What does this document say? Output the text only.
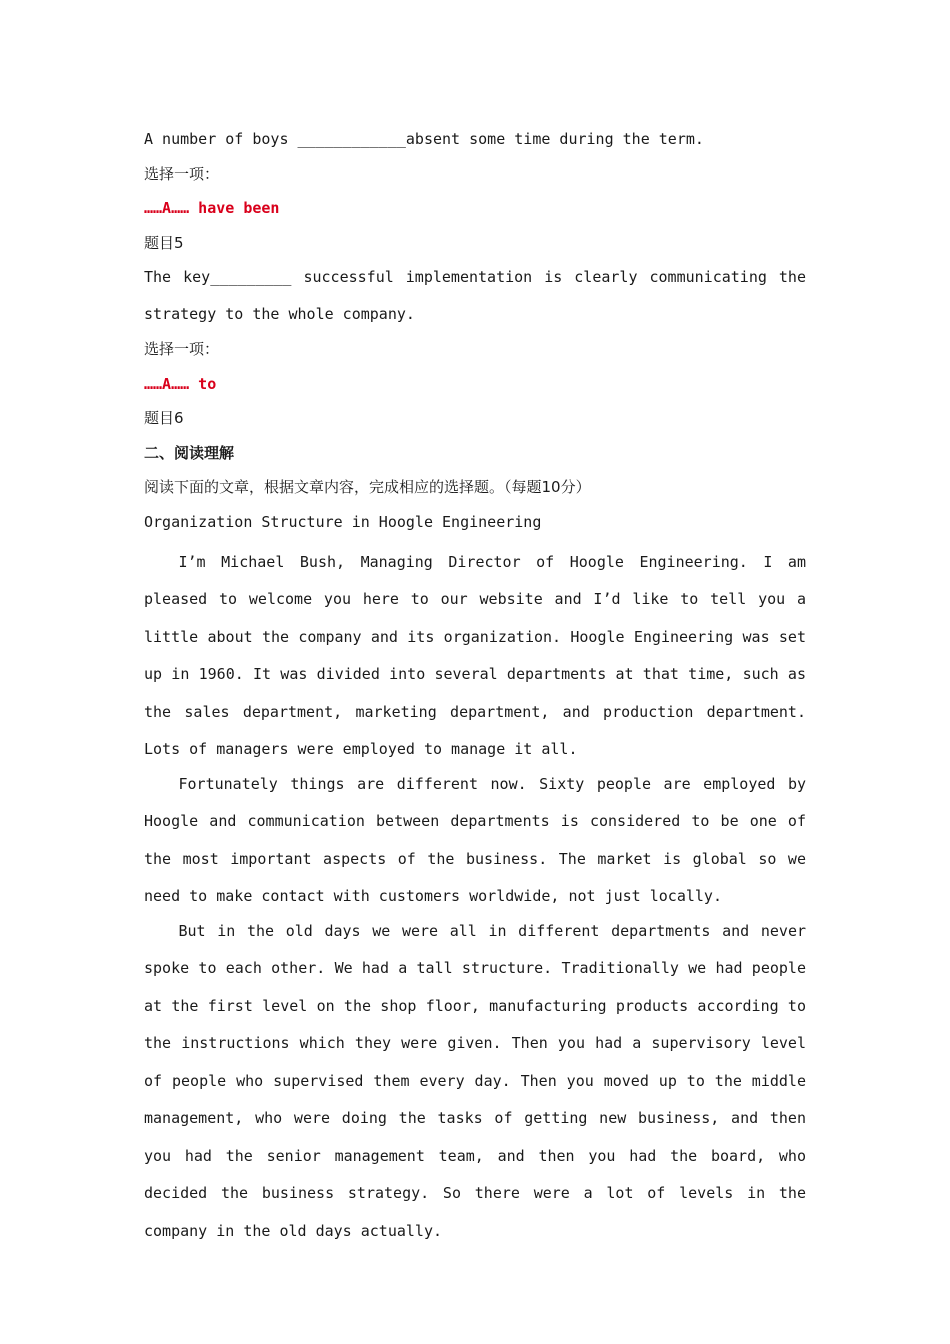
A number of boys ____________absent some time during the term.
选择一项：
……A…… have been
题目5
The key_________ successful implementation is clearly communicating the
strategy to the whole company.
选择一项：
……A…… to
题目6
二、阅读理解
阅读下面的文章，根据文章内容，完成相应的选择题。（每题10分）
Organization Structure in Hoogle Engineering

I’m Michael Bush, Managing Director of Hoogle Engineering. I am pleased to welcome you here to our website and I’d like to tell you a little about the company and its organization. Hoogle Engineering was set up in 1960. It was divided into several departments at that time, such as the sales department, marketing department, and production department. Lots of managers were employed to manage it all.

Fortunately things are different now. Sixty people are employed by Hoogle and communication between departments is considered to be one of the most important aspects of the business. The market is global so we need to make contact with customers worldwide, not just locally.

But in the old days we were all in different departments and never spoke to each other. We had a tall structure. Traditionally we had people at the first level on the shop floor, manufacturing products according to the instructions which they were given. Then you had a supervisory level of people who supervised them every day. Then you moved up to the middle management, who were doing the tasks of getting new business, and then you had the senior management team, and then you had the board, who decided the business strategy. So there were a lot of levels in the company in the old days actually.
